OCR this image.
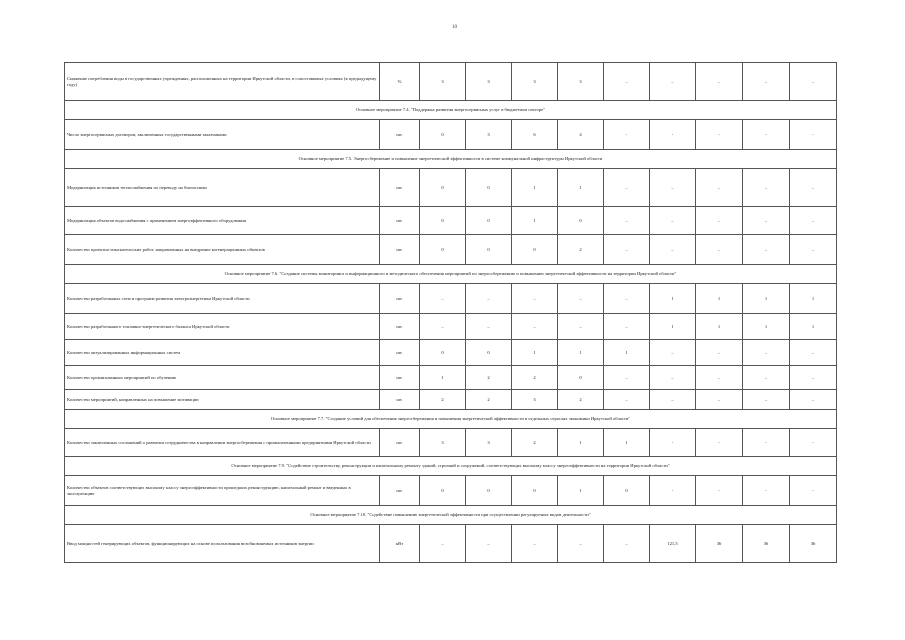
10
Снижение потребления воды в государственных учреждениях, расположенных на территории Иркутской области, в сопоставимых условиях (к предыдущему году)	%	3	3	3	3	–	–	–	–	–
Основное мероприятие 7.4. "Поддержка развития энергосервисных услуг в бюджетном секторе"										
Число энергосервисных договоров, заключенных государственными заказчиками	шт.	0	3	6	4	-	-	-	-	-
Основное мероприятие 7.5. Энергосбережение и повышение энергетической эффективности в системе коммунальной инфраструктуры Иркутской области										
Модернизация источников теплоснабжения по переводу на биотопливо	шт.	0	0	1	1	–	–	–	–	–
Модернизация объектов водоснабжения с применением энергоэффективного оборудования	шт.	0	0	1	0	–	–	–	–	–
Количество проектно-изыскательских работ, направленных на внедрение когенерационных объектов	шт.	0	0	0	2	–	–	–	–	–
Основное мероприятие 7.6. "Создание системы мониторинга и информационного и методического обеспечения мероприятий по энергосбережению и повышению энергетической эффективности на территории Иркутской области"										
Количество разработанных схем и программ развития электроэнергетики Иркутской области	шт.	–	–	–	–	–	1	1	1	1
Количество разработанного топливно-энергетического баланса Иркутской области	шт.	–	–	–	–	–	1	1	1	1
Количество актуализированных информационных систем	шт.	0	0	1	1	1	–	–	–	–
Количество организованных мероприятий по обучению	шт.	1	2	2	0	–	–	–	–	–
Количество мероприятий, направленных на повышение мотивации	шт.	2	2	3	2	–	–	–	–	–
Основное мероприятие 7.7. "Создание условий для обеспечения энергосбережения и повышения энергетической эффективности в отдельных отраслях экономики Иркутской области"										
Количество заключенных соглашений о развитии сотрудничества в направлении энергосбережения с промышленными предприятиями Иркутской области	шт.	3	3	2	1	1	-	-	-	-
Основное мероприятие 7.9. "Содействие строительству, реконструкции и капитальному ремонту зданий, строений и сооружений, соответствующих высокому классу энергоэффективности на территории Иркутской области"										
Количество объектов соответствующих высокому классу энергоэффективности прошедших реконструкцию, капитальный ремонт и введенных в эксплуатацию	шт.	0	0	0	1	0	-	-	-	-
Основное мероприятие 7.10. "Содействие повышению энергетической эффективности при осуществлении регулируемых видов деятельности"										
Ввод мощностей генерирующих объектов, функционирующих на основе использования возобновляемых источников энергии	кВт	–	–	–	–	–	121,5	36	36	36
